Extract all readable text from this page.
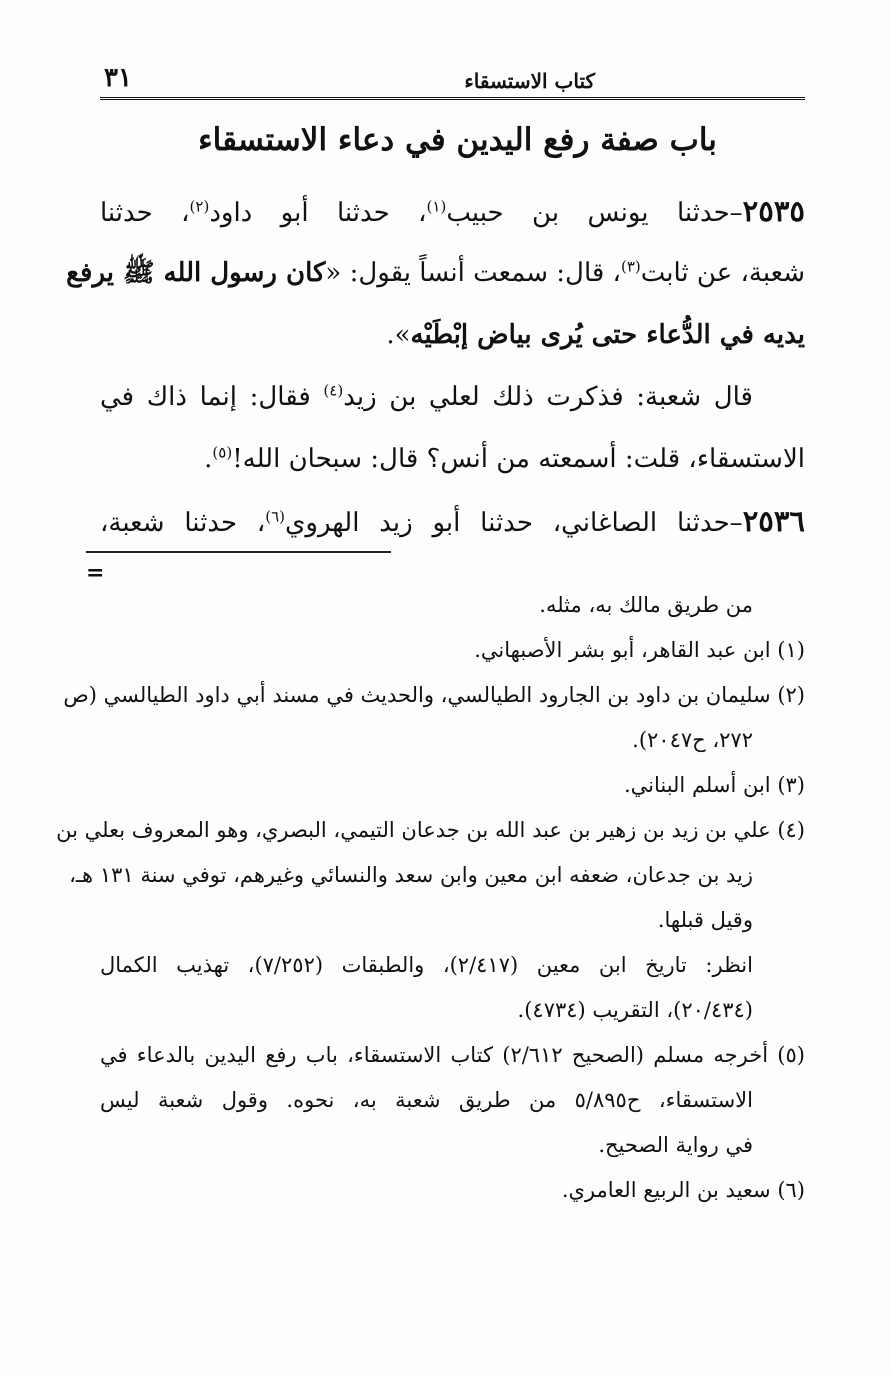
كتاب الاستسقاء
٣١
باب صفة رفع اليدين في دعاء الاستسقاء
٢٥٣٥–حدثنا يونس بن حبيب$^{(١)}$، حدثنا أبو داود$^{(٢)}$، حدثنا
شعبة، عن ثابت$^{(٣)}$، قال: سمعت أنساً يقول: «كان رسول الله ﷺ يرفع
يديه في الدُّعاء حتى يُرى بياض إبْطَيْه».
قال شعبة: فذكرت ذلك لعلي بن زيد$^{(٤)}$ فقال: إنما ذاك في
الاستسقاء، قلت: أسمعته من أنس؟ قال: سبحان الله!$^{(٥)}$.
٢٥٣٦–حدثنا الصاغاني، حدثنا أبو زيد الهروي$^{(٦)}$، حدثنا شعبة،
=
من طريق مالك به، مثله.
(١) ابن عبد القاهر، أبو بشر الأصبهاني.
(٢) سليمان بن داود بن الجارود الطيالسي، والحديث في مسند أبي داود الطيالسي (ص
٢٧٢، ح٢٠٤٧).
(٣) ابن أسلم البناني.
(٤) علي بن زيد بن زهير بن عبد الله بن جدعان التيمي، البصري، وهو المعروف بعلي بن
زيد بن جدعان، ضعفه ابن معين وابن سعد والنسائي وغيرهم، توفي سنة ١٣١ هـ،
وقيل قبلها.
انظر: تاريخ ابن معين (٢/٤١٧)، والطبقات (٧/٢٥٢)، تهذيب الكمال
(٢٠/٤٣٤)، التقريب (٤٧٣٤).
(٥) أخرجه مسلم (الصحيح ٢/٦١٢) كتاب الاستسقاء، باب رفع اليدين بالدعاء في
الاستسقاء، ح٥/٨٩٥ من طريق شعبة به، نحوه. وقول شعبة ليس
في رواية الصحيح.
(٦) سعيد بن الربيع العامري.
